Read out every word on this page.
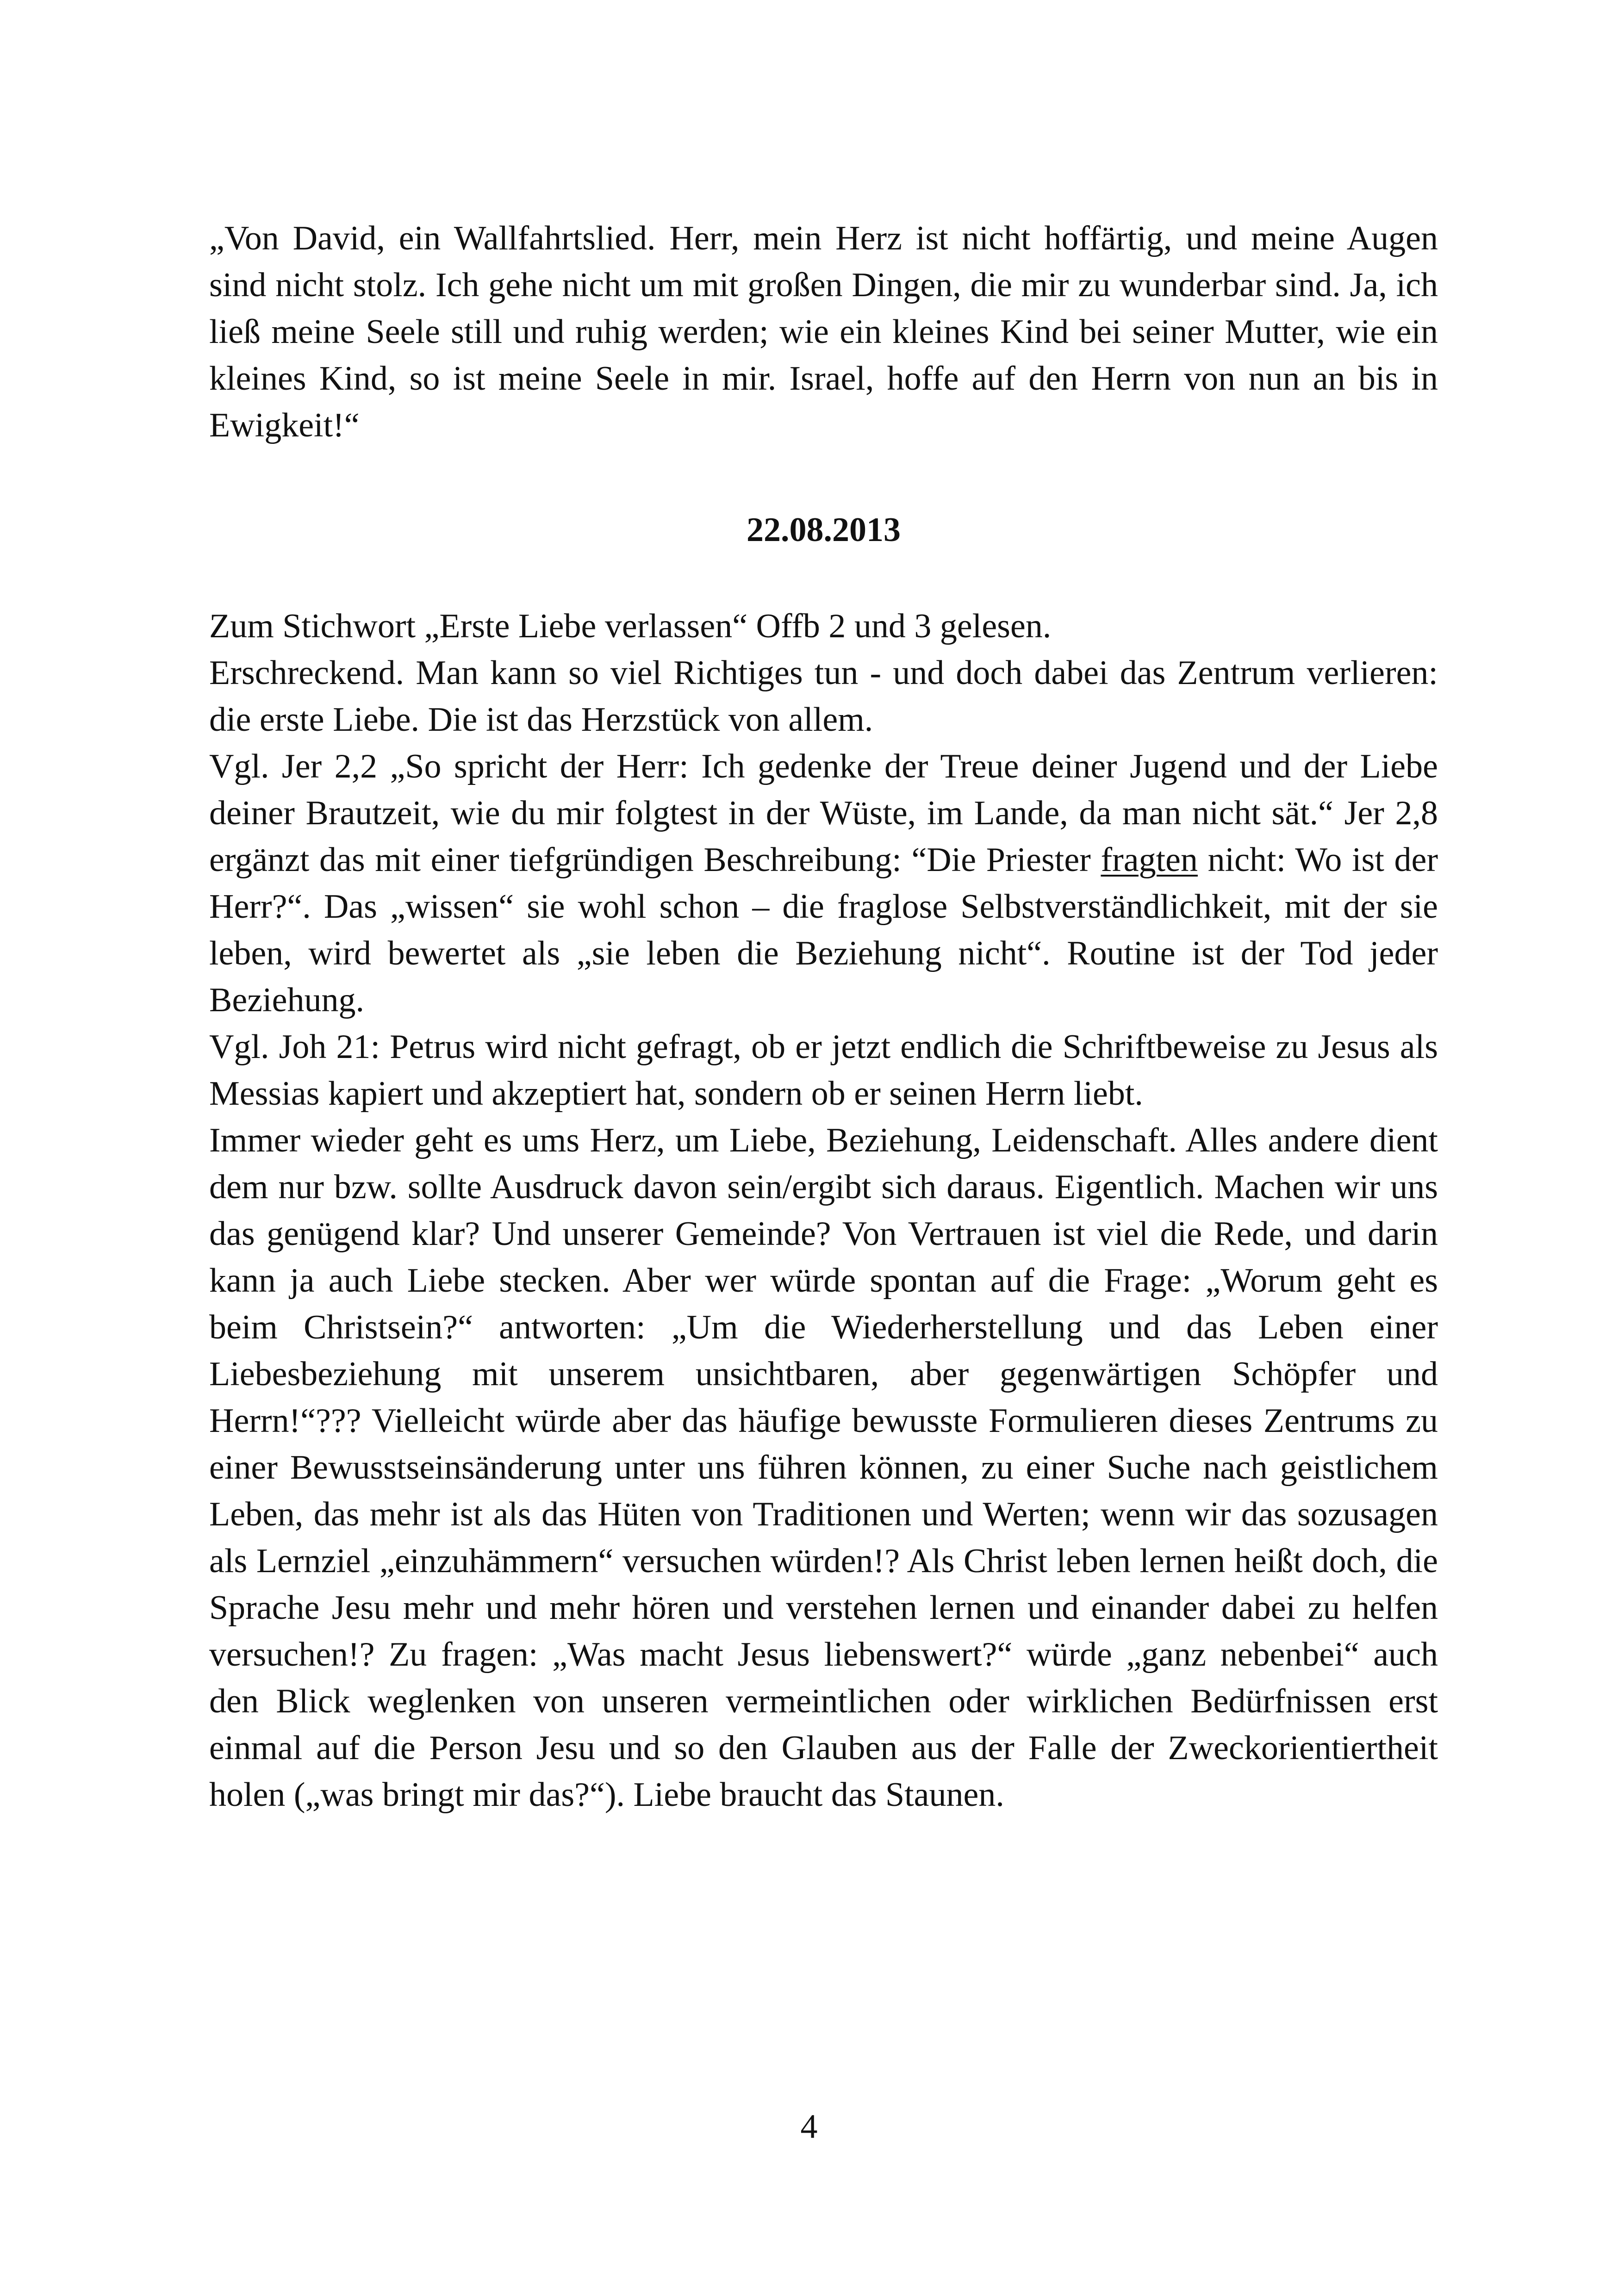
„Von David, ein Wallfahrtslied. Herr, mein Herz ist nicht hoffärtig, und meine Augen sind nicht stolz. Ich gehe nicht um mit großen Dingen, die mir zu wunderbar sind. Ja, ich ließ meine Seele still und ruhig werden; wie ein kleines Kind bei seiner Mutter, wie ein kleines Kind, so ist meine Seele in mir. Israel, hoffe auf den Herrn von nun an bis in Ewigkeit!“

22.08.2013

Zum Stichwort „Erste Liebe verlassen“ Offb 2 und 3 gelesen.

Erschreckend. Man kann so viel Richtiges tun - und doch dabei das Zentrum verlieren: die erste Liebe. Die ist das Herzstück von allem.

Vgl. Jer 2,2 „So spricht der Herr: Ich gedenke der Treue deiner Jugend und der Liebe deiner Brautzeit, wie du mir folgtest in der Wüste, im Lande, da man nicht sät.“ Jer 2,8 ergänzt das mit einer tiefgründigen Beschreibung: “Die Priester fragten nicht: Wo ist der Herr?“. Das „wissen“ sie wohl schon – die fraglose Selbstverständlichkeit, mit der sie leben, wird bewertet als „sie leben die Beziehung nicht“. Routine ist der Tod jeder Beziehung.

Vgl. Joh 21: Petrus wird nicht gefragt, ob er jetzt endlich die Schriftbeweise zu Jesus als Messias kapiert und akzeptiert hat, sondern ob er seinen Herrn liebt.

Immer wieder geht es ums Herz, um Liebe, Beziehung, Leidenschaft. Alles andere dient dem nur bzw. sollte Ausdruck davon sein/ergibt sich daraus. Eigentlich. Machen wir uns das genügend klar? Und unserer Gemeinde? Von Vertrauen ist viel die Rede, und darin kann ja auch Liebe stecken. Aber wer würde spontan auf die Frage: „Worum geht es beim Christsein?“ antworten: „Um die Wiederherstellung und das Leben einer Liebesbeziehung mit unserem unsichtbaren, aber gegenwärtigen Schöpfer und Herrn!“??? Vielleicht würde aber das häufige bewusste Formulieren dieses Zentrums zu einer Bewusstseinsänderung unter uns führen können, zu einer Suche nach geistlichem Leben, das mehr ist als das Hüten von Traditionen und Werten; wenn wir das sozusagen als Lernziel „einzuhämmern“ versuchen würden!? Als Christ leben lernen heißt doch, die Sprache Jesu mehr und mehr hören und verstehen lernen und einander dabei zu helfen versuchen!? Zu fragen: „Was macht Jesus liebenswert?“ würde „ganz nebenbei“ auch den Blick weglenken von unseren vermeintlichen oder wirklichen Bedürfnissen erst einmal auf die Person Jesu und so den Glauben aus der Falle der Zweckorientiertheit holen („was bringt mir das?“). Liebe braucht das Staunen.

4
